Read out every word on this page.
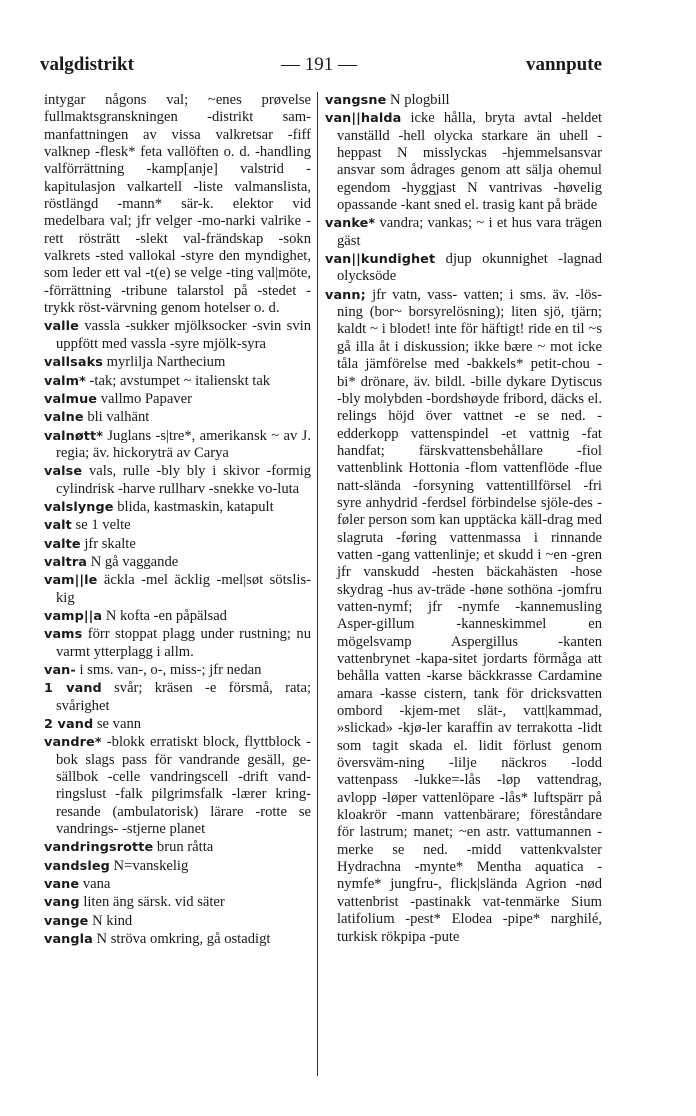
— 191 —
valgdistrikt	vannpute
intygar någons val; ~enes prøvelse fullmaktsgranskningen -distrikt sam-manfattningen av vissa valkretsar -fiff valknep -flesk* feta vallöften o. d. -handling valförrättning -kamp[anje] valstrid -kapitulasjon valkartell -liste valmanslista, röstlängd -mann* sär-k. elektor vid medelbara val; jfr velger -mo-narki valrike -rett rösträtt -slekt val-frändskap -sokn valkrets -sted vallokal -styre den myndighet, som leder ett val -t(e) se velge -ting val|möte, -förrättning -tribune talarstol på -stedet -trykk röst-värvning genom hotelser o. d.
valle vassla -sukker mjölksocker -svin svin uppfött med vassla -syre mjölk-syra
vallsaks myrlilja Narthecium
valm* -tak; avstumpet ~ italienskt tak
valmue vallmo Papaver
valne bli valhänt
valnøtt* Juglans -s|tre*, amerikansk ~ av J. regia; äv. hickoryträ av Carya
valse vals, rulle -bly bly i skivor -formig cylindrisk -harve rullharv -snekke vo-luta
valslynge blida, kastmaskin, katapult
valt se 1 velte
valte jfr skalte
valtra N gå vaggande
vam||le äckla -mel äcklig -mel|søt sötslis-kig
vamp||a N kofta -en påpälsad
vams förr stoppat plagg under rustning; nu varmt ytterplagg i allm.
van- i sms. van-, o-, miss-; jfr nedan
1 vand svår; kräsen -e försmå, rata; svårighet
2 vand se vann
vandre* -blokk erratiskt block, flyttblock -bok slags pass för vandrande gesäll, ge-sällbok -celle vandringscell -drift vand-ringslust -falk pilgrimsfalk -lærer kring-resande (ambulatorisk) lärare -rotte se vandrings- -stjerne planet
vandringsrotte brun råtta
vandsleg N=vanskelig
vane vana
vang liten äng särsk. vid säter
vange N kind
vangla N ströva omkring, gå ostadigt
vangsne N plogbill
van||halda icke hålla, bryta avtal -heldet vanställd -hell olycka starkare än uhell -heppast N misslyckas -hjemmelsansvar ansvar som ådrages genom att sälja ohemul egendom -hyggjast N vantrivas -høvelig opassande -kant sned el. trasig kant på bräde
vanke* vandra; vankas; ~ i et hus vara trägen gäst
van||kundighet djup okunnighet -lagnad olycksöde
vann; jfr vatn, vass- vatten; i sms. äv. -lös-ning (bor~ borsyrelösning); liten sjö, tjärn; kaldt ~ i blodet! inte för häftigt! ride en til ~s gå illa åt i diskussion; ikke bære ~ mot icke tåla jämförelse med -bakkels* petit-chou -bi* drönare, äv. bildl. -bille dykare Dytiscus -bly molybden -bordshøyde fribord, däcks el. relings höjd över vattnet -e se ned. -edderkopp vattenspindel -et vattnig -fat handfat; färskvattensbehållare -fiol vattenblink Hottonia -flom vattenflöde -flue natt-slända -forsyning vattentillförsel -fri syre anhydrid -ferdsel förbindelse sjöle-des -føler person som kan upptäcka käll-drag med slagruta -føring vattenmassa i rinnande vatten -gang vattenlinje; et skudd i ~en -gren jfr vanskudd -hesten bäckahästen -hose skydrag -hus av-träde -høne sothöna -jomfru vatten-nymf; jfr -nymfe -kannemusling Asper-gillum -kanneskimmel en mögelsvamp Aspergillus -kanten vattenbrynet -kapa-sitet jordarts förmåga att behålla vatten -karse bäckkrasse Cardamine amara -kasse cistern, tank för dricksvatten ombord -kjem-met slät-, vatt|kammad, »slickad» -kjø-ler karaffin av terrakotta -lidt som tagit skada el. lidit förlust genom översväm-ning -lilje näckros -lodd vattenpass -lukke=-lås -løp vattendrag, avlopp -løper vattenlöpare -lås* luftspärr på kloakrör -mann vattenbärare; föreståndare för lastrum; manet; ~en astr. vattumannen -merke se ned. -midd vattenkvalster Hydrachna -mynte* Mentha aquatica -nymfe* jungfru-, flick|slända Agrion -nød vattenbrist -pastinakk vat-tenmärke Sium latifolium -pest* Elodea -pipe* narghilé, turkisk rökpipa -pute
